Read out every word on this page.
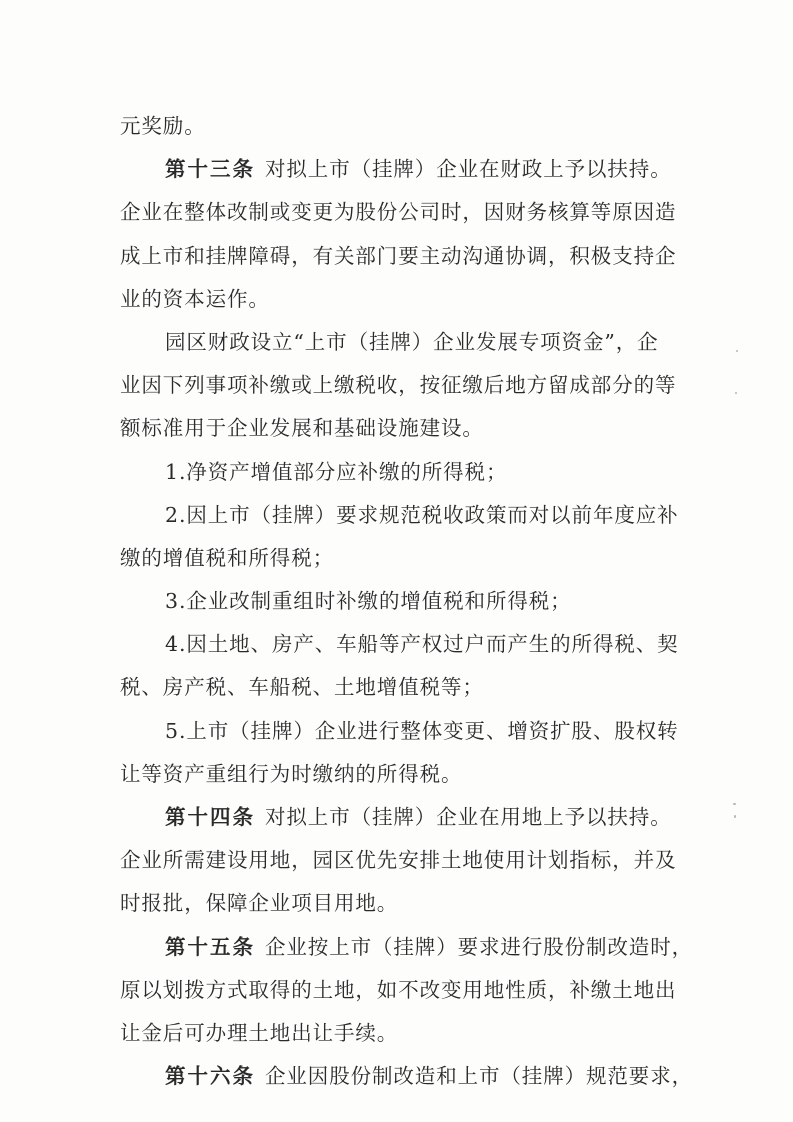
元奖励。
第十三条 对拟上市（挂牌）企业在财政上予以扶持。
企业在整体改制或变更为股份公司时，因财务核算等原因造
成上市和挂牌障碍，有关部门要主动沟通协调，积极支持企
业的资本运作。
园区财政设立“上市（挂牌）企业发展专项资金”，企
业因下列事项补缴或上缴税收，按征缴后地方留成部分的等
额标准用于企业发展和基础设施建设。
1.净资产增值部分应补缴的所得税；
2.因上市（挂牌）要求规范税收政策而对以前年度应补
缴的增值税和所得税；
3.企业改制重组时补缴的增值税和所得税；
4.因土地、房产、车船等产权过户而产生的所得税、契
税、房产税、车船税、土地增值税等；
5.上市（挂牌）企业进行整体变更、增资扩股、股权转
让等资产重组行为时缴纳的所得税。
第十四条 对拟上市（挂牌）企业在用地上予以扶持。
企业所需建设用地，园区优先安排土地使用计划指标，并及
时报批，保障企业项目用地。
第十五条 企业按上市（挂牌）要求进行股份制改造时，
原以划拨方式取得的土地，如不改变用地性质，补缴土地出
让金后可办理土地出让手续。
第十六条 企业因股份制改造和上市（挂牌）规范要求，
